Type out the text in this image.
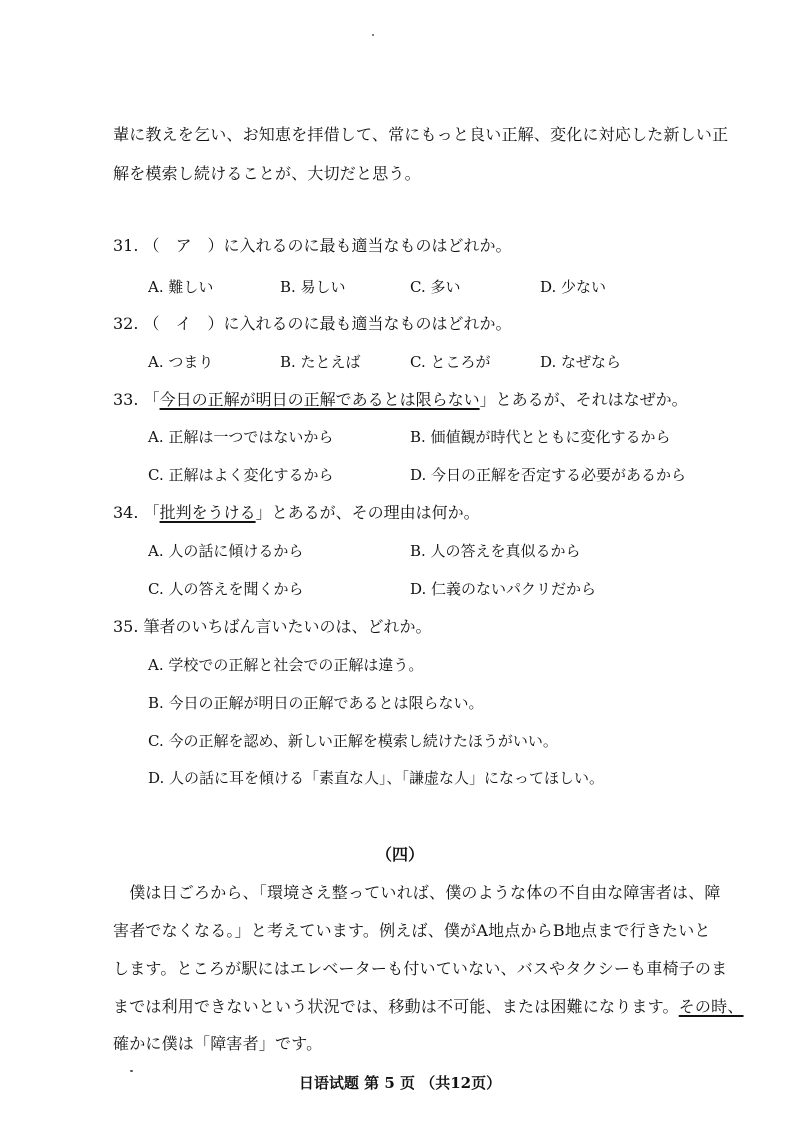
輩に教えを乞い、お知恵を拝借して、常にもっと良い正解、変化に対応した新しい正
解を模索し続けることが、大切だと思う。
31. （　ア　）に入れるのに最も適当なものはどれか。
A. 難しい	B. 易しい	C. 多い	D. 少ない
32. （　イ　）に入れるのに最も適当なものはどれか。
A. つまり	B. たとえば	C. ところが	D. なぜなら
33. 「今日の正解が明日の正解であるとは限らない」とあるが、それはなぜか。
A. 正解は一つではないから	B. 価値観が時代とともに変化するから
C. 正解はよく変化するから	D. 今日の正解を否定する必要があるから
34. 「批判をうける」とあるが、その理由は何か。
A. 人の話に傾けるから	B. 人の答えを真似るから
C. 人の答えを聞くから	D. 仁義のないパクリだから
35. 筆者のいちばん言いたいのは、どれか。
A. 学校での正解と社会での正解は違う。
B. 今日の正解が明日の正解であるとは限らない。
C. 今の正解を認め、新しい正解を模索し続けたほうがいい。
D. 人の話に耳を傾ける「素直な人」、「謙虚な人」になってほしい。
（四）
　僕は日ごろから、「環境さえ整っていれば、僕のような体の不自由な障害者は、障
害者でなくなる。」と考えています。例えば、僕がA地点からB地点まで行きたいと
します。ところが駅にはエレベーターも付いていない、バスやタクシーも車椅子のま
までは利用できないという状況では、移動は不可能、または困難になります。その時、
確かに僕は「障害者」です。
日语试题 第 5 页 （共12页）
